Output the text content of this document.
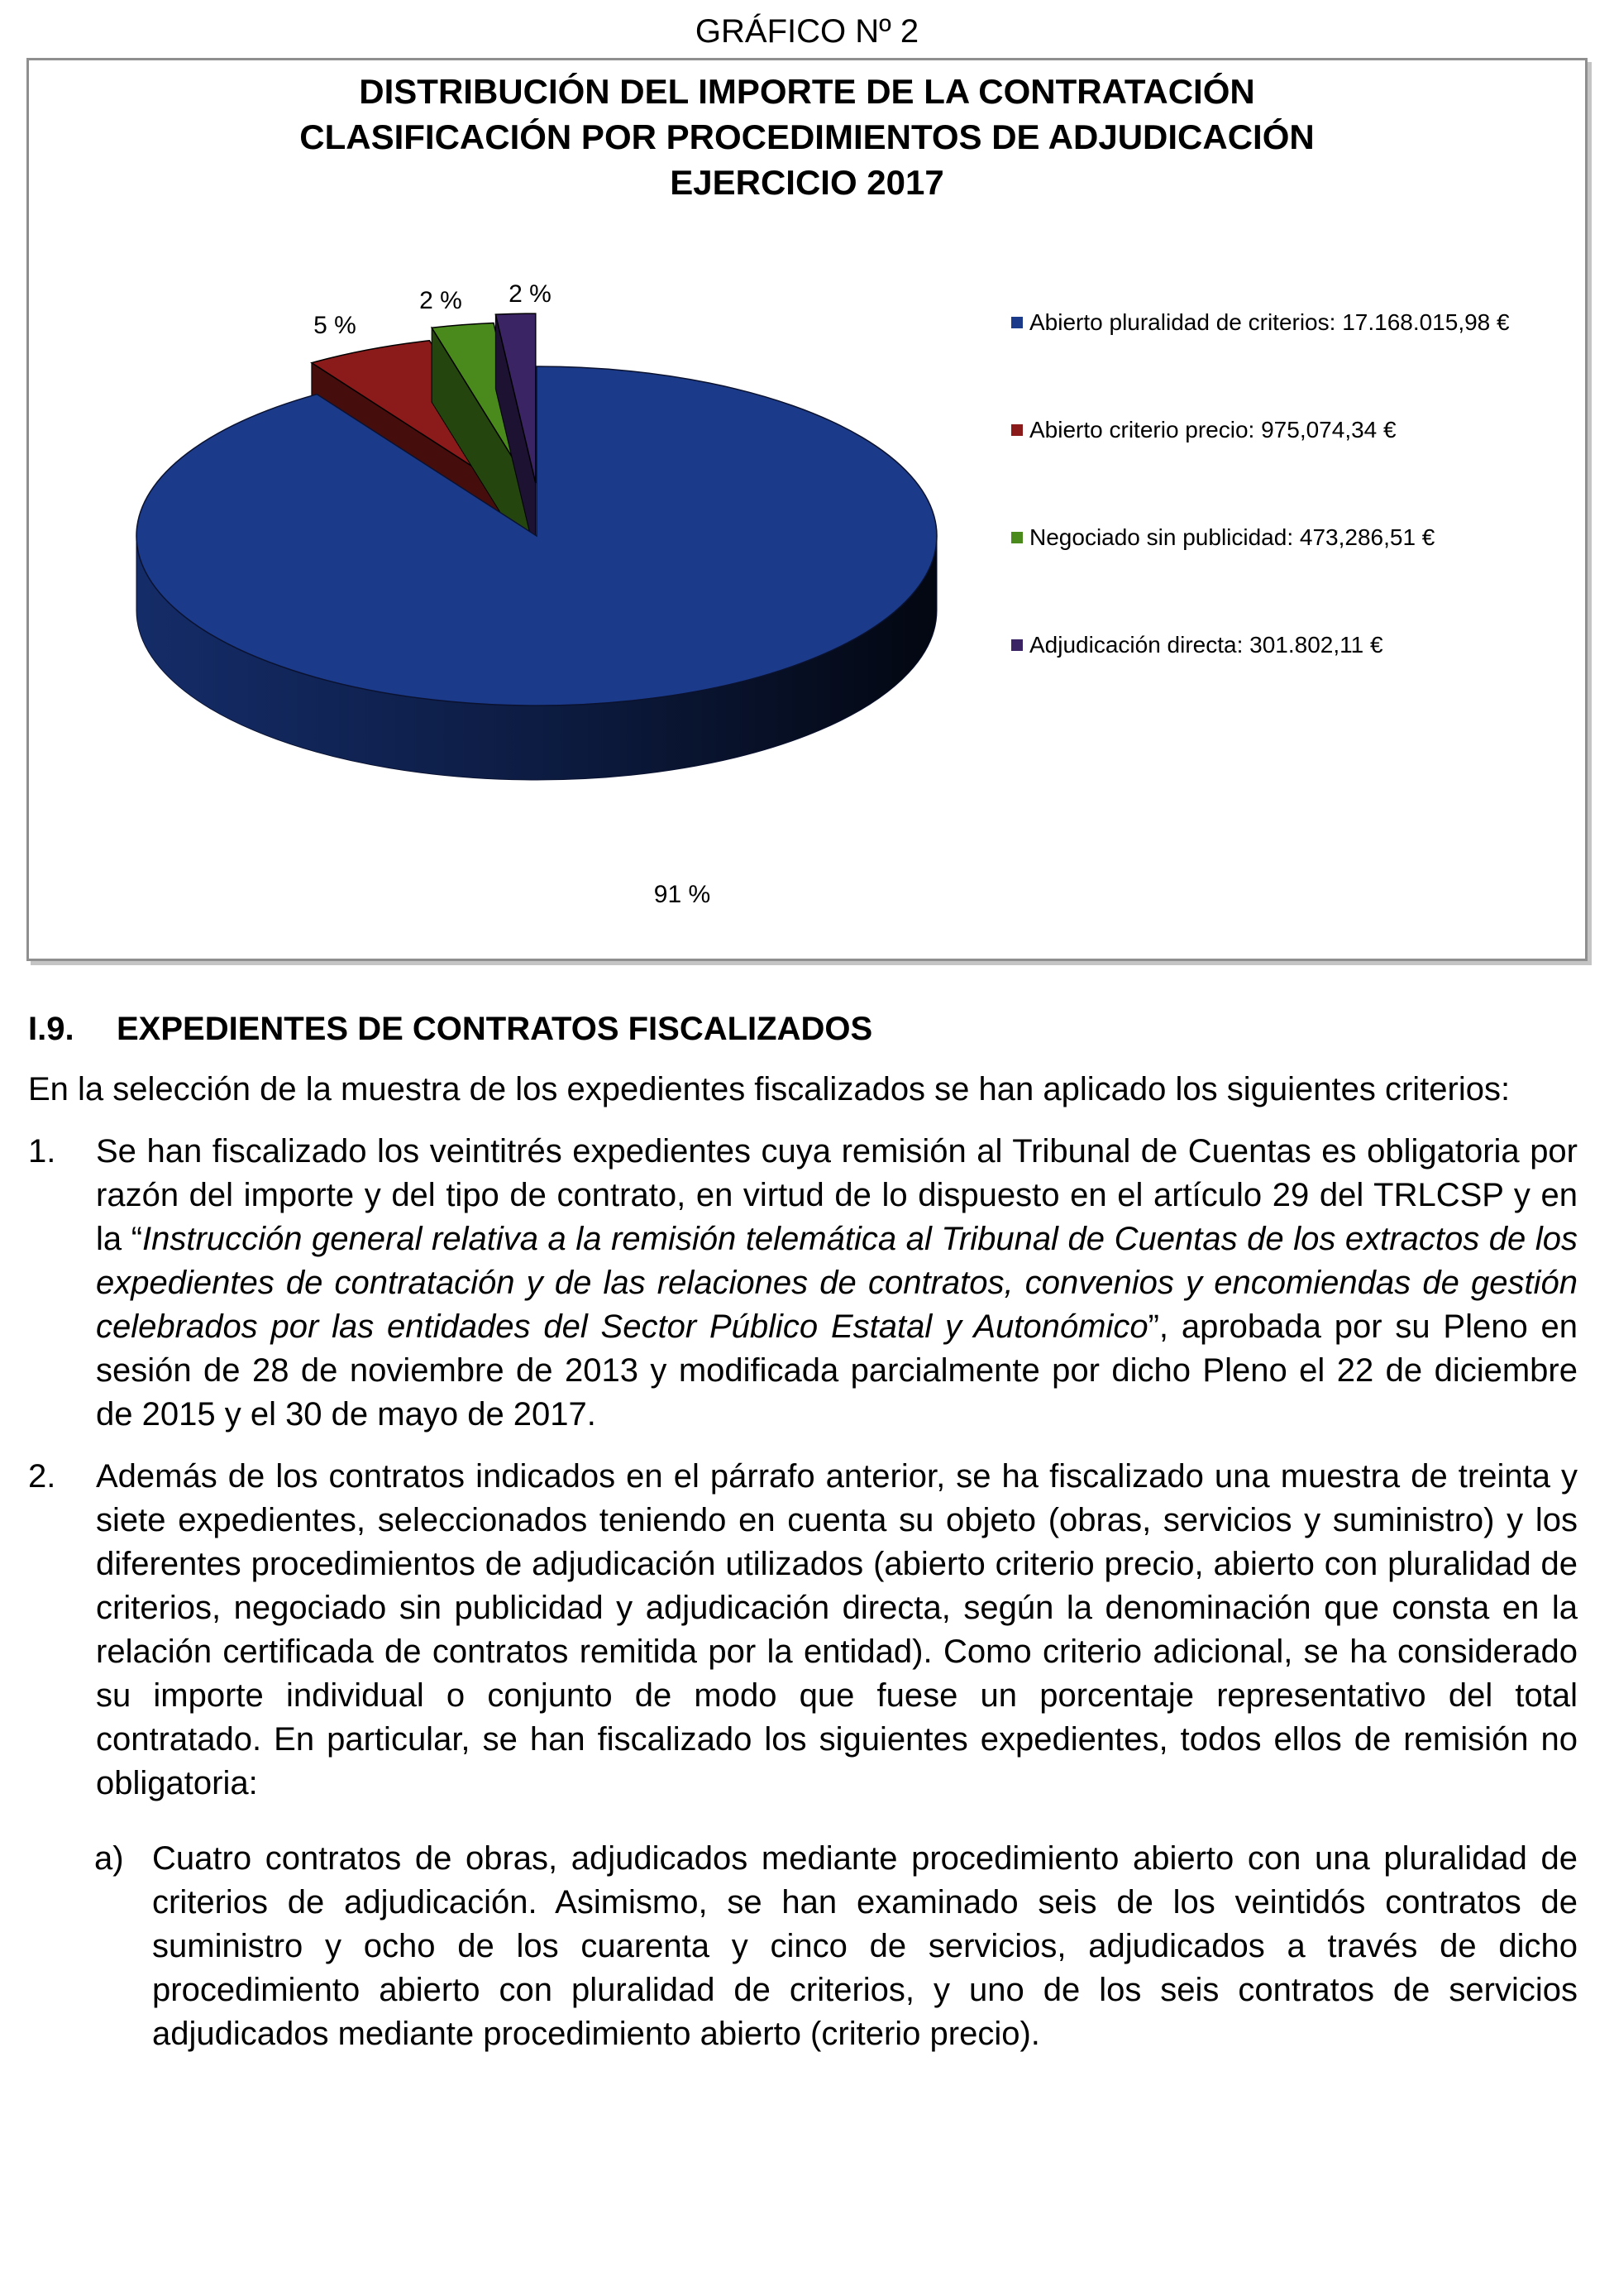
GRÁFICO Nº 2
91 %
5 %
2 % 2 %
DISTRIBUCIÓN DEL IMPORTE DE LA CONTRATACIÓN
CLASIFICACIÓN POR PROCEDIMIENTOS DE ADJUDICACIÓN
EJERCICIO 2017
Abierto pluralidad de criterios: 17.168.015,98 €
Abierto criterio precio: 975,074,34 €
Negociado sin publicidad: 473,286,51 €
Adjudicación directa: 301.802,11 €
I.9.	EXPEDIENTES DE CONTRATOS FISCALIZADOS

En la selección de la muestra de los expedientes fiscalizados se han aplicado los siguientes criterios:

1.	Se han fiscalizado los veintitrés expedientes cuya remisión al Tribunal de Cuentas es obligatoria por razón del importe y del tipo de contrato, en virtud de lo dispuesto en el artículo 29 del TRLCSP y en la “Instrucción general relativa a la remisión telemática al Tribunal de Cuentas de los extractos de los expedientes de contratación y de las relaciones de contratos, convenios y encomiendas de gestión celebrados por las entidades del Sector Público Estatal y Autonómico”, aprobada por su Pleno en sesión de 28 de noviembre de 2013 y modificada parcialmente por dicho Pleno el 22 de diciembre de 2015 y el 30 de mayo de 2017.
2.	Además de los contratos indicados en el párrafo anterior, se ha fiscalizado una muestra de treinta y siete expedientes, seleccionados teniendo en cuenta su objeto (obras, servicios y suministro) y los diferentes procedimientos de adjudicación utilizados (abierto criterio precio, abierto con pluralidad de criterios, negociado sin publicidad y adjudicación directa, según la denominación que consta en la relación certificada de contratos remitida por la entidad). Como criterio adicional, se ha considerado su importe individual o conjunto de modo que fuese un porcentaje representativo del total contratado. En particular, se han fiscalizado los siguientes expedientes, todos ellos de remisión no obligatoria:
a) Cuatro contratos de obras, adjudicados mediante procedimiento abierto con una pluralidad de criterios de adjudicación. Asimismo, se han examinado seis de los veintidós contratos de suministro y ocho de los cuarenta y cinco de servicios, adjudicados a través de dicho procedimiento abierto con pluralidad de criterios, y uno de los seis contratos de servicios adjudicados mediante procedimiento abierto (criterio precio).
